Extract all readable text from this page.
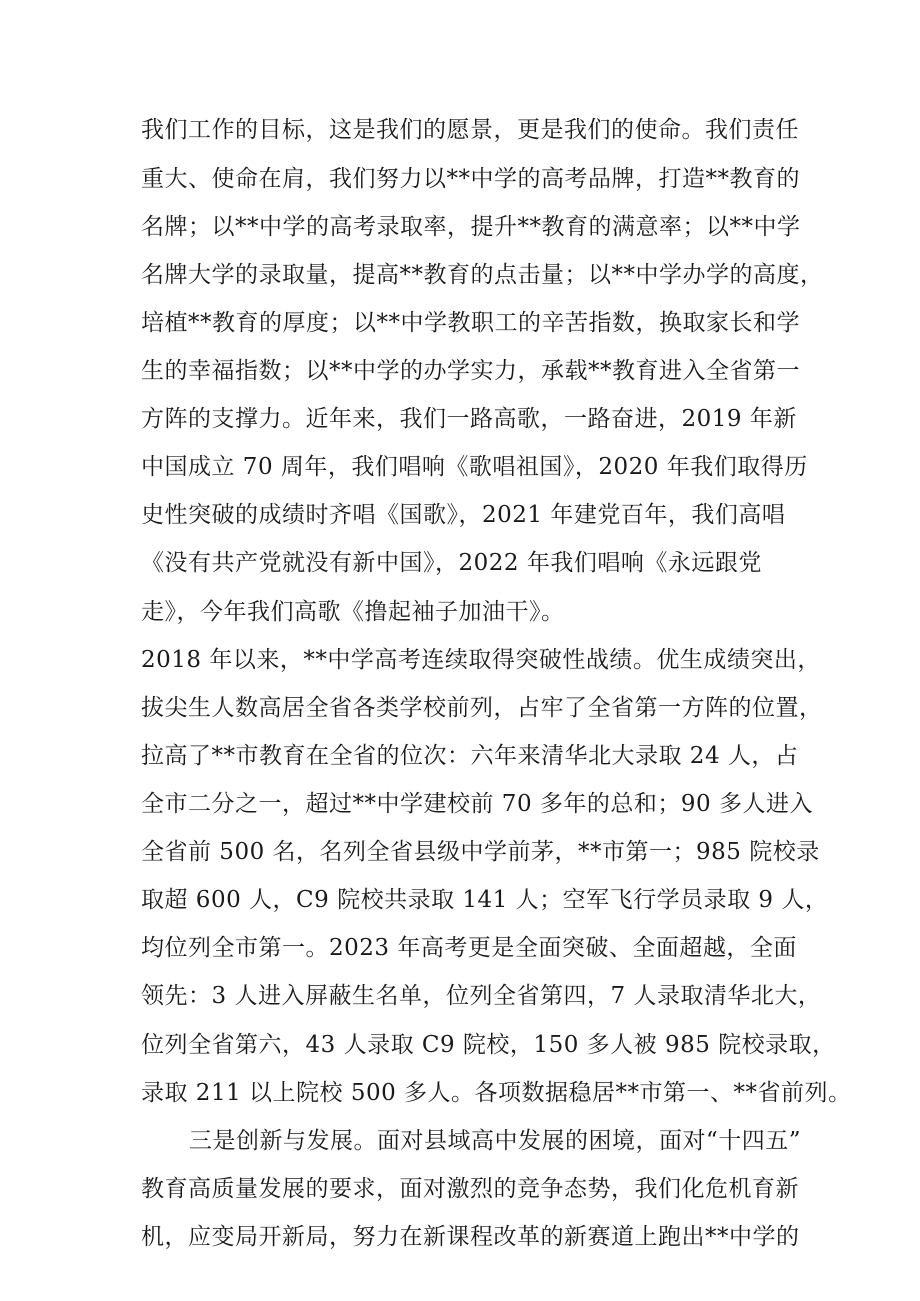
我们工作的目标，这是我们的愿景，更是我们的使命。我们责任
重大、使命在肩，我们努力以**中学的高考品牌，打造**教育的
名牌；以**中学的高考录取率，提升**教育的满意率；以**中学
名牌大学的录取量，提高**教育的点击量；以**中学办学的高度，
培植**教育的厚度；以**中学教职工的辛苦指数，换取家长和学
生的幸福指数；以**中学的办学实力，承载**教育进入全省第一
方阵的支撑力。近年来，我们一路高歌，一路奋进，2019 年新
中国成立 70 周年，我们唱响《歌唱祖国》，2020 年我们取得历
史性突破的成绩时齐唱《国歌》，2021 年建党百年，我们高唱
《没有共产党就没有新中国》，2022 年我们唱响《永远跟党
走》，今年我们高歌《撸起袖子加油干》。
2018 年以来，**中学高考连续取得突破性战绩。优生成绩突出，
拔尖生人数高居全省各类学校前列，占牢了全省第一方阵的位置，
拉高了**市教育在全省的位次：六年来清华北大录取 24 人，占
全市二分之一，超过**中学建校前 70 多年的总和；90 多人进入
全省前 500 名，名列全省县级中学前茅，**市第一；985 院校录
取超 600 人，C9 院校共录取 141 人；空军飞行学员录取 9 人，
均位列全市第一。2023 年高考更是全面突破、全面超越，全面
领先：3 人进入屏蔽生名单，位列全省第四，7 人录取清华北大，
位列全省第六，43 人录取 C9 院校，150 多人被 985 院校录取，
录取 211 以上院校 500 多人。各项数据稳居**市第一、**省前列。
三是创新与发展。面对县域高中发展的困境，面对“十四五”
教育高质量发展的要求，面对激烈的竞争态势，我们化危机育新
机，应变局开新局，努力在新课程改革的新赛道上跑出**中学的
